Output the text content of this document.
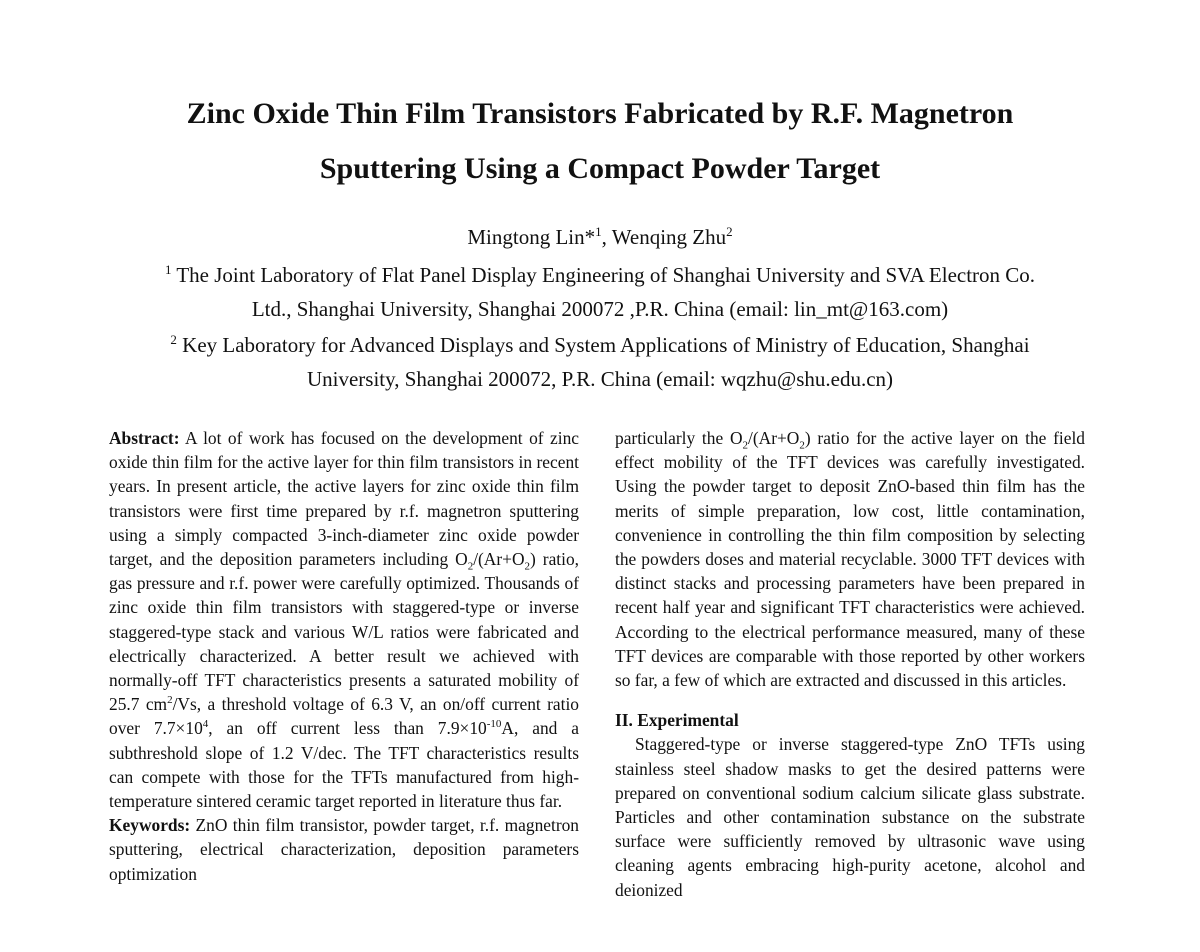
Zinc Oxide Thin Film Transistors Fabricated by R.F. Magnetron
Sputtering Using a Compact Powder Target
Mingtong Lin*$^1$, Wenqing Zhu$^2$
$^1$ The Joint Laboratory of Flat Panel Display Engineering of Shanghai University and SVA Electron Co.
Ltd., Shanghai University, Shanghai 200072 ,P.R. China (email: lin_mt@163.com)
$^2$ Key Laboratory for Advanced Displays and System Applications of Ministry of Education, Shanghai
University, Shanghai 200072, P.R. China (email: wqzhu@shu.edu.cn)

Abstract: A lot of work has focused on the development of zinc oxide thin film for the active layer for thin film transistors in recent years. In present article, the active layers for zinc oxide thin film transistors were first time prepared by r.f. magnetron sputtering using a simply compacted 3-inch-diameter zinc oxide powder target, and the deposition parameters including $O_2/(Ar+O_2)$ ratio, gas pressure and r.f. power were carefully optimized. Thousands of zinc oxide thin film transistors with staggered-type or inverse staggered-type stack and various W/L ratios were fabricated and electrically characterized. A better result we achieved with normally-off TFT characteristics presents a saturated mobility of 25.7 $cm^2/Vs$, a threshold voltage of 6.3 V, an on/off current ratio over $7.7\times 10^4$, an off current less than $7.9\times 10^{-10}A$, and a subthreshold slope of 1.2 V/dec. The TFT characteristics results can compete with those for the TFTs manufactured from high-temperature sintered ceramic target reported in literature thus far.
Keywords: ZnO thin film transistor, powder target, r.f. magnetron sputtering, electrical characterization, deposition parameters optimization

particularly the $O_2/(Ar+O_2)$ ratio for the active layer on the field effect mobility of the TFT devices was carefully investigated. Using the powder target to deposit ZnO-based thin film has the merits of simple preparation, low cost, little contamination, convenience in controlling the thin film composition by selecting the powders doses and material recyclable. 3000 TFT devices with distinct stacks and processing parameters have been prepared in recent half year and significant TFT characteristics were achieved. According to the electrical performance measured, many of these TFT devices are comparable with those reported by other workers so far, a few of which are extracted and discussed in this articles.

II. Experimental

Staggered-type or inverse staggered-type ZnO TFTs using stainless steel shadow masks to get the desired patterns were prepared on conventional sodium calcium silicate glass substrate. Particles and other contamination substance on the substrate surface were sufficiently removed by ultrasonic wave using cleaning agents embracing high-purity acetone, alcohol and deionized
